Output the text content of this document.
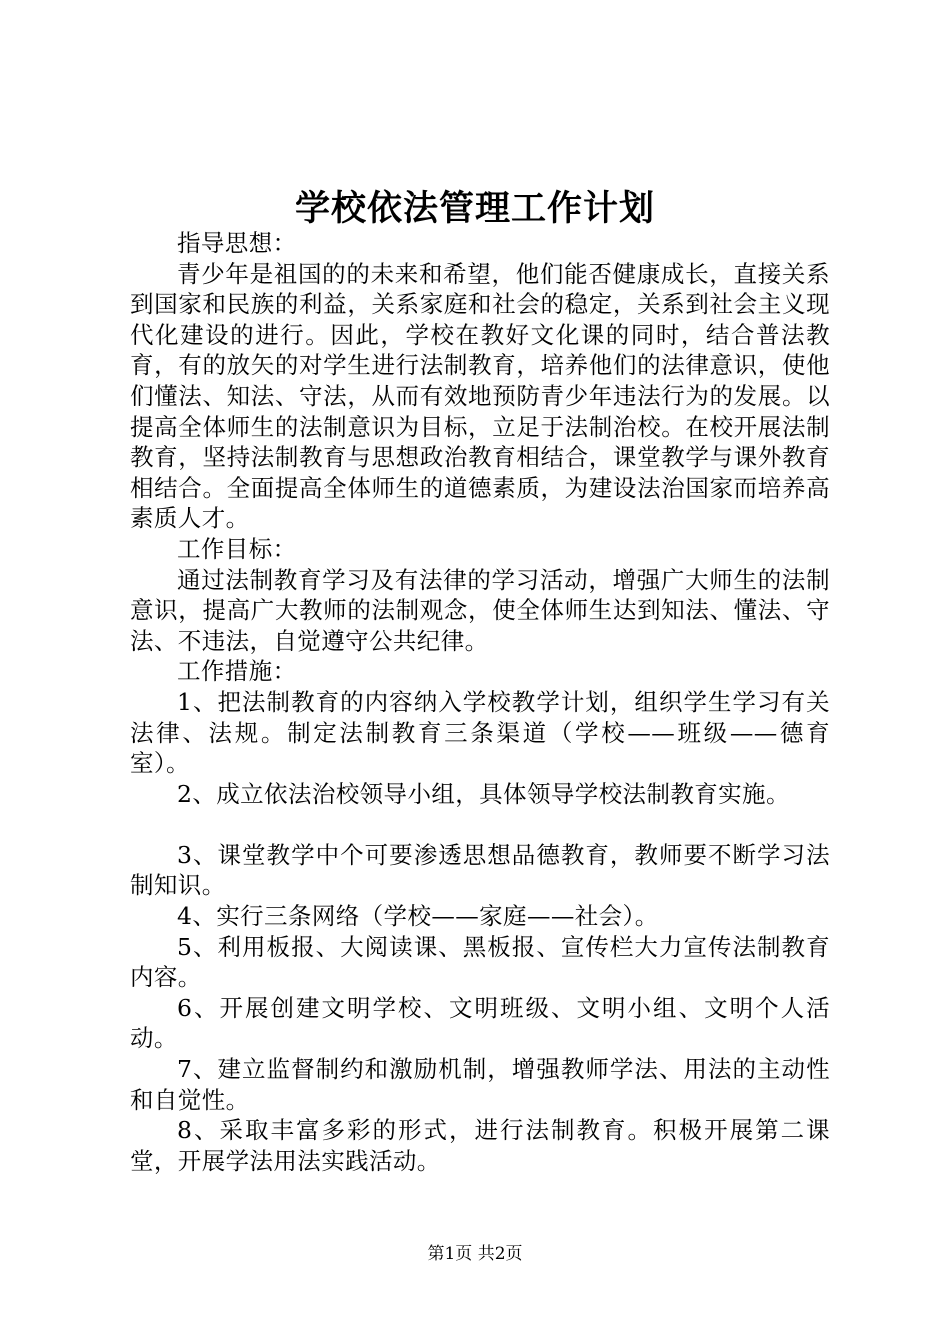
学校依法管理工作计划

指导思想：

青少年是祖国的的未来和希望，他们能否健康成长，直接关系到国家和民族的利益，关系家庭和社会的稳定，关系到社会主义现代化建设的进行。因此，学校在教好文化课的同时，结合普法教育，有的放矢的对学生进行法制教育，培养他们的法律意识，使他们懂法、知法、守法，从而有效地预防青少年违法行为的发展。以提高全体师生的法制意识为目标，立足于法制治校。在校开展法制教育，坚持法制教育与思想政治教育相结合，课堂教学与课外教育相结合。全面提高全体师生的道德素质，为建设法治国家而培养高素质人才。

工作目标：

通过法制教育学习及有法律的学习活动，增强广大师生的法制意识，提高广大教师的法制观念，使全体师生达到知法、懂法、守法、不违法，自觉遵守公共纪律。

工作措施：

1、把法制教育的内容纳入学校教学计划，组织学生学习有关法律、法规。制定法制教育三条渠道（学校——班级——德育室）。

2、成立依法治校领导小组，具体领导学校法制教育实施。

3、课堂教学中个可要渗透思想品德教育，教师要不断学习法制知识。

4、实行三条网络（学校——家庭——社会）。

5、利用板报、大阅读课、黑板报、宣传栏大力宣传法制教育内容。

6、开展创建文明学校、文明班级、文明小组、文明个人活动。

7、建立监督制约和激励机制，增强教师学法、用法的主动性和自觉性。

8、采取丰富多彩的形式，进行法制教育。积极开展第二课堂，开展学法用法实践活动。

第1页 共2页
